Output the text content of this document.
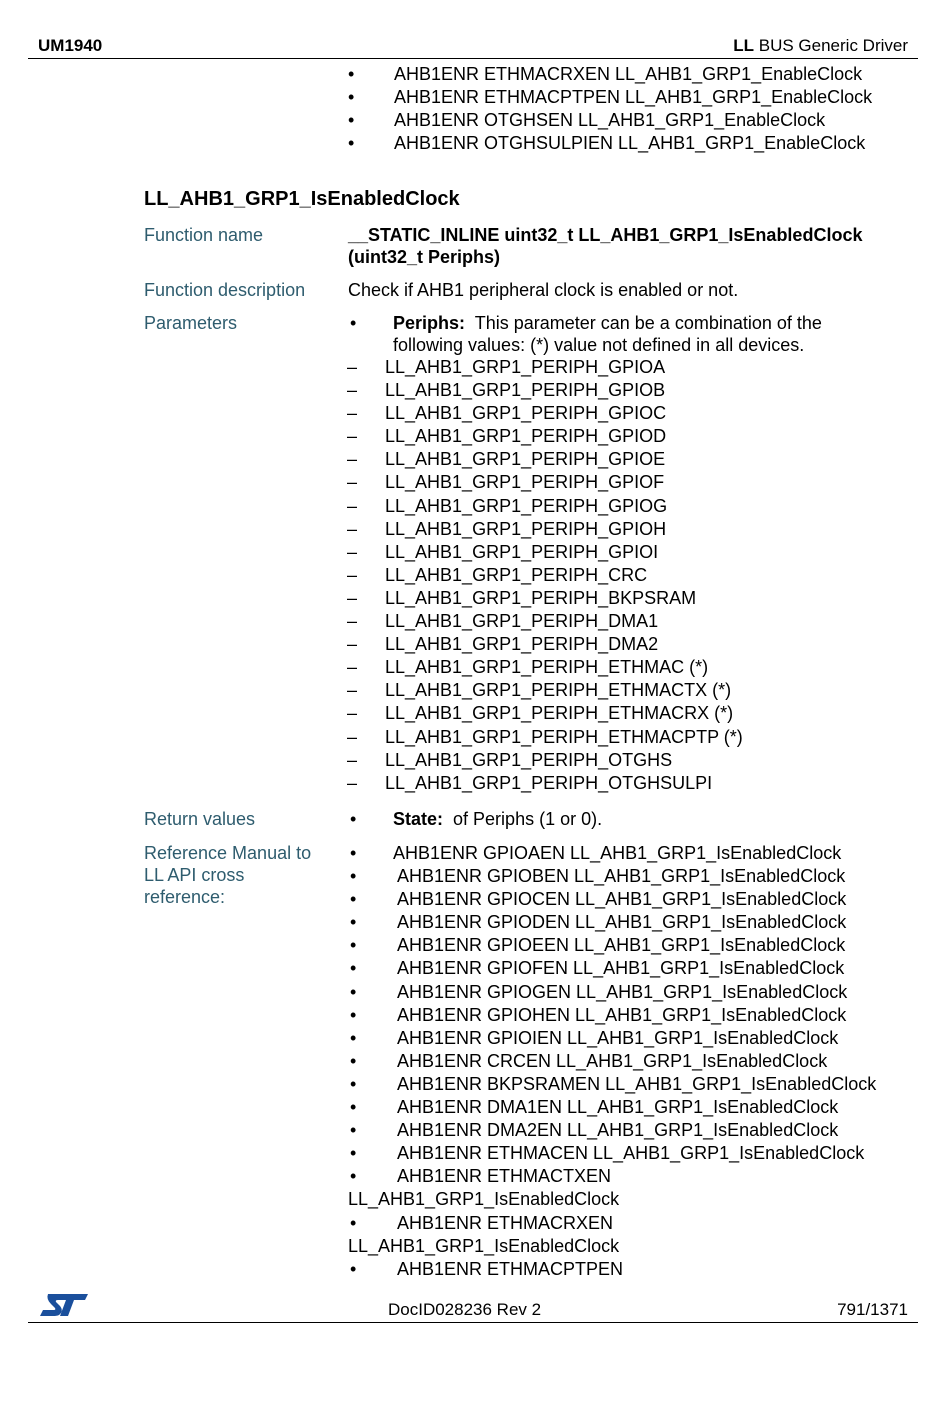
UM1940	LL BUS Generic Driver
• AHB1ENR ETHMACRXEN LL_AHB1_GRP1_EnableClock
• AHB1ENR ETHMACPTPEN LL_AHB1_GRP1_EnableClock
• AHB1ENR OTGHSEN LL_AHB1_GRP1_EnableClock
• AHB1ENR OTGHSULPIEN LL_AHB1_GRP1_EnableClock
LL_AHB1_GRP1_IsEnabledClock
Function name	__STATIC_INLINE uint32_t LL_AHB1_GRP1_IsEnabledClock
(uint32_t Periphs)
Function description	Check if AHB1 peripheral clock is enabled or not.
Parameters	• Periphs: This parameter can be a combination of the
following values: (*) value not defined in all devices.
– LL_AHB1_GRP1_PERIPH_GPIOA
– LL_AHB1_GRP1_PERIPH_GPIOB
– LL_AHB1_GRP1_PERIPH_GPIOC
– LL_AHB1_GRP1_PERIPH_GPIOD
– LL_AHB1_GRP1_PERIPH_GPIOE
– LL_AHB1_GRP1_PERIPH_GPIOF
– LL_AHB1_GRP1_PERIPH_GPIOG
– LL_AHB1_GRP1_PERIPH_GPIOH
– LL_AHB1_GRP1_PERIPH_GPIOI
– LL_AHB1_GRP1_PERIPH_CRC
– LL_AHB1_GRP1_PERIPH_BKPSRAM
– LL_AHB1_GRP1_PERIPH_DMA1
– LL_AHB1_GRP1_PERIPH_DMA2
– LL_AHB1_GRP1_PERIPH_ETHMAC (*)
– LL_AHB1_GRP1_PERIPH_ETHMACTX (*)
– LL_AHB1_GRP1_PERIPH_ETHMACRX (*)
– LL_AHB1_GRP1_PERIPH_ETHMACPTP (*)
– LL_AHB1_GRP1_PERIPH_OTGHS
– LL_AHB1_GRP1_PERIPH_OTGHSULPI
Return values	• State: of Periphs (1 or 0).
Reference Manual to
LL API cross
reference:
• AHB1ENR GPIOAEN LL_AHB1_GRP1_IsEnabledClock
• AHB1ENR GPIOBEN LL_AHB1_GRP1_IsEnabledClock
• AHB1ENR GPIOCEN LL_AHB1_GRP1_IsEnabledClock
• AHB1ENR GPIODEN LL_AHB1_GRP1_IsEnabledClock
• AHB1ENR GPIOEEN LL_AHB1_GRP1_IsEnabledClock
• AHB1ENR GPIOFEN LL_AHB1_GRP1_IsEnabledClock
• AHB1ENR GPIOGEN LL_AHB1_GRP1_IsEnabledClock
• AHB1ENR GPIOHEN LL_AHB1_GRP1_IsEnabledClock
• AHB1ENR GPIOIEN LL_AHB1_GRP1_IsEnabledClock
• AHB1ENR CRCEN LL_AHB1_GRP1_IsEnabledClock
• AHB1ENR BKPSRAMEN LL_AHB1_GRP1_IsEnabledClock
• AHB1ENR DMA1EN LL_AHB1_GRP1_IsEnabledClock
• AHB1ENR DMA2EN LL_AHB1_GRP1_IsEnabledClock
• AHB1ENR ETHMACEN LL_AHB1_GRP1_IsEnabledClock
• AHB1ENR ETHMACTXEN
LL_AHB1_GRP1_IsEnabledClock
• AHB1ENR ETHMACRXEN
LL_AHB1_GRP1_IsEnabledClock
• AHB1ENR ETHMACPTPEN
DocID028236 Rev 2	791/1371
